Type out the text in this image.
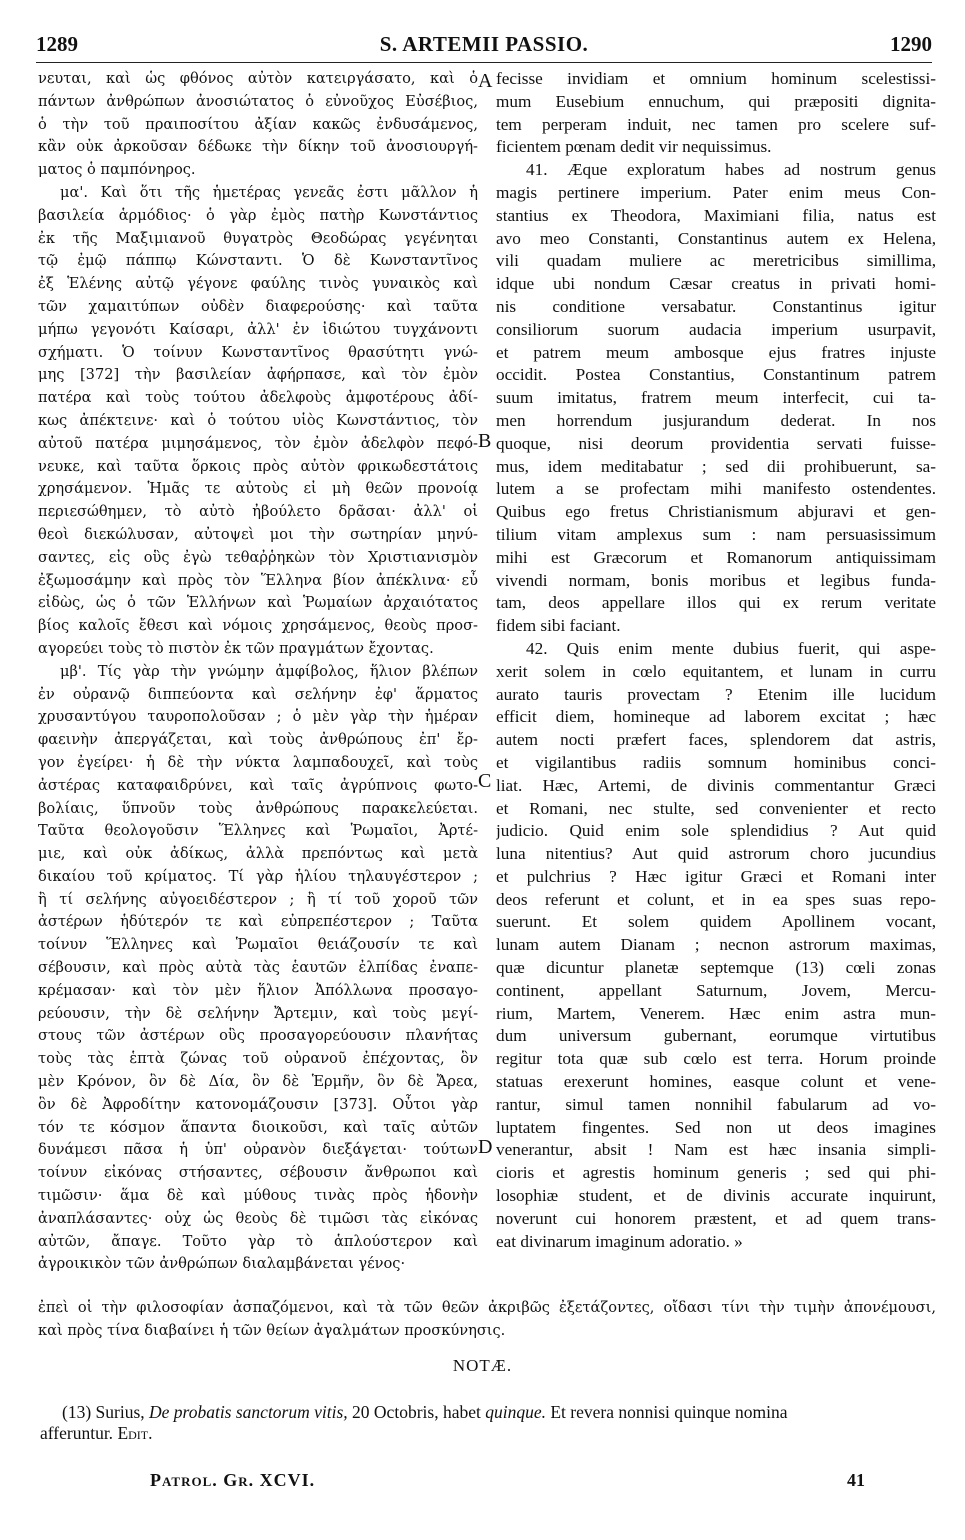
1289	S. ARTEMII PASSIO.	1290
νευται, καὶ ὡς φθόνος αὐτὸν κατειργάσατο, καὶ ὁ
πάντων ἀνθρώπων ἀνοσιώτατος ὁ εὐνοῦχος Εὐσέβιος,
ὁ τὴν τοῦ πραιποσίτου ἀξίαν κακῶς ἐνδυσάμενος,
κἂν οὐκ ἀρκοῦσαν δέδωκε τὴν δίκην τοῦ ἀνοσιουργή-
ματος ὁ παμπόνηρος.
μα'. Καὶ ὅτι τῆς ἡμετέρας γενεᾶς ἐστι μᾶλλον ἡ
βασιλεία ἁρμόδιος· ὁ γὰρ ἐμὸς πατὴρ Κωνστάντιος
ἐκ τῆς Μαξιμιανοῦ θυγατρὸς Θεοδώρας γεγένηται
τῷ ἐμῷ πάππῳ Κώνσταντι. Ὁ δὲ Κωνσταντῖνος
ἐξ Ἑλένης αὐτῷ γέγονε φαύλης τινὸς γυναικὸς καὶ
τῶν χαμαιτύπων οὐδὲν διαφερούσης· καὶ ταῦτα
μήπω γεγονότι Καίσαρι, ἀλλ' ἐν ἰδιώτου τυγχάνοντι
σχήματι. Ὁ τοίνυν Κωνσταντῖνος θρασύτητι γνώ-
μης [372] τὴν βασιλείαν ἀφήρπασε, καὶ τὸν ἐμὸν
πατέρα καὶ τοὺς τούτου ἀδελφοὺς ἀμφοτέρους ἀδί-
κως ἀπέκτεινε· καὶ ὁ τούτου υἱὸς Κωνστάντιος, τὸν
αὐτοῦ πατέρα μιμησάμενος, τὸν ἐμὸν ἀδελφὸν πεφό-
νευκε, καὶ ταῦτα ὅρκοις πρὸς αὐτὸν φρικωδεστάτοις
χρησάμενον. Ἡμᾶς τε αὐτοὺς εἰ μὴ θεῶν προνοίᾳ
περιεσώθημεν, τὸ αὐτὸ ἠβούλετο δρᾶσαι· ἀλλ' οἱ
θεοὶ διεκώλυσαν, αὐτοψεὶ μοι τὴν σωτηρίαν μηνύ-
σαντες, εἰς οὓς ἐγὼ τεθαῤῥηκὼν τὸν Χριστιανισμὸν
ἐξωμοσάμην καὶ πρὸς τὸν Ἕλληνα βίον ἀπέκλινα· εὖ
εἰδὼς, ὡς ὁ τῶν Ἑλλήνων καὶ Ῥωμαίων ἀρχαιότατος
βίος καλοῖς ἔθεσι καὶ νόμοις χρησάμενος, θεοὺς προσ-
αγορεύει τοὺς τὸ πιστὸν ἐκ τῶν πραγμάτων ἔχοντας.
μβ'. Τίς γὰρ τὴν γνώμην ἀμφίβολος, ἥλιον βλέπων
ἐν οὐρανῷ διππεύοντα καὶ σελήνην ἐφ' ἅρματος
χρυσαντύγου ταυροπολοῦσαν ; ὁ μὲν γὰρ τὴν ἡμέραν
φαεινὴν ἀπεργάζεται, καὶ τοὺς ἀνθρώπους ἐπ' ἔρ-
γον ἐγείρει· ἡ δὲ τὴν νύκτα λαμπαδουχεῖ, καὶ τοὺς
ἀστέρας καταφαιδρύνει, καὶ ταῖς ἀγρύπνοις φωτο-
βολίαις, ὕπνοῦν τοὺς ἀνθρώπους παρακελεύεται.
Ταῦτα θεολογοῦσιν Ἕλληνες καὶ Ῥωμαῖοι, Ἀρτέ-
μιε, καὶ οὐκ ἀδίκως, ἀλλὰ πρεπόντως καὶ μετὰ
δικαίου τοῦ κρίματος. Τί γὰρ ἡλίου τηλαυγέστερον ;
ἢ τί σελήνης αὐγοειδέστερον ; ἢ τί τοῦ χοροῦ τῶν
ἀστέρων ἡδύτερόν τε καὶ εὐπρεπέστερον ; Ταῦτα
τοίνυν Ἕλληνες καὶ Ῥωμαῖοι θειάζουσίν τε καὶ
σέβουσιν, καὶ πρὸς αὐτὰ τὰς ἑαυτῶν ἐλπίδας ἐναπε-
κρέμασαν· καὶ τὸν μὲν ἥλιον Ἀπόλλωνα προσαγο-
ρεύουσιν, τὴν δὲ σελήνην Ἄρτεμιν, καὶ τοὺς μεγί-
στους τῶν ἀστέρων οὓς προσαγορεύουσιν πλανήτας
τοὺς τὰς ἑπτὰ ζώνας τοῦ οὐρανοῦ ἐπέχοντας, ὃν
μὲν Κρόνον, ὃν δὲ Δία, ὃν δὲ Ἑρμῆν, ὃν δὲ Ἄρεα,
ὃν δὲ Ἀφροδίτην κατονομάζουσιν [373]. Οὗτοι γὰρ
τόν τε κόσμον ἅπαντα διοικοῦσι, καὶ ταῖς αὐτῶν
δυνάμεσι πᾶσα ἡ ὑπ' οὐρανὸν διεξάγεται· τούτων
τοίνυν εἰκόνας στήσαντες, σέβουσιν ἄνθρωποι καὶ
τιμῶσιν· ἅμα δὲ καὶ μύθους τινὰς πρὸς ἡδονὴν
ἀναπλάσαντες· οὐχ ὡς θεοὺς δὲ τιμῶσι τὰς εἰκόνας
αὐτῶν, ἄπαγε. Τοῦτο γὰρ τὸ ἁπλούστερον καὶ
ἀγροικικὸν τῶν ἀνθρώπων διαλαμβάνεται γένος·
A
B
C
D
fecisse invidiam et omnium hominum scelestissi-
mum Eusebium ennuchum, qui præpositi dignita-
tem perperam induit, nec tamen pro scelere suf-
ficientem pœnam dedit vir nequissimus.
41. Æque exploratum habes ad nostrum genus
magis pertinere imperium. Pater enim meus Con-
stantius ex Theodora, Maximiani filia, natus est
avo meo Constanti, Constantinus autem ex Helena,
vili quadam muliere ac meretricibus simillima,
idque ubi nondum Cæsar creatus in privati homi-
nis conditione versabatur. Constantinus igitur
consiliorum suorum audacia imperium usurpavit,
et patrem meum ambosque ejus fratres injuste
occidit. Postea Constantius, Constantinum patrem
suum imitatus, fratrem meum interfecit, cui ta-
men horrendum jusjurandum dederat. In nos
quoque, nisi deorum providentia servati fuisse-
mus, idem meditabatur ; sed dii prohibuerunt, sa-
lutem a se profectam mihi manifesto ostendentes.
Quibus ego fretus Christianismum abjuravi et gen-
tilium vitam amplexus sum : nam persuasissimum
mihi est Græcorum et Romanorum antiquissimam
vivendi normam, bonis moribus et legibus funda-
tam, deos appellare illos qui ex rerum veritate
fidem sibi faciant.
42. Quis enim mente dubius fuerit, qui aspe-
xerit solem in cœlo equitantem, et lunam in curru
aurato tauris provectam ? Etenim ille lucidum
efficit diem, homineque ad laborem excitat ; hæc
autem nocti præfert faces, splendorem dat astris,
et vigilantibus radiis somnum hominibus conci-
liat. Hæc, Artemi, de divinis commentantur Græci
et Romani, nec stulte, sed convenienter et recto
judicio. Quid enim sole splendidius ? Aut quid
luna nitentius? Aut quid astrorum choro jucundius
et pulchrius ? Hæc igitur Græci et Romani inter
deos referunt et colunt, et in ea spes suas repo-
suerunt. Et solem quidem Apollinem vocant,
lunam autem Dianam ; necnon astrorum maximas,
quæ dicuntur planetæ septemque (13) cœli zonas
continent, appellant Saturnum, Jovem, Mercu-
rium, Martem, Venerem. Hæc enim astra mun-
dum universum gubernant, eorumque virtutibus
regitur tota quæ sub cœlo est terra. Horum proinde
statuas erexerunt homines, easque colunt et vene-
rantur, simul tamen nonnihil fabularum ad vo-
luptatem fingentes. Sed non ut deos imagines
venerantur, absit ! Nam est hæc insania simpli-
cioris et agrestis hominum generis ; sed qui phi-
losophiæ student, et de divinis accurate inquirunt,
noverunt cui honorem præstent, et ad quem trans-
eat divinarum imaginum adoratio. »
ἐπεὶ οἱ τὴν φιλοσοφίαν ἀσπαζόμενοι, καὶ τὰ τῶν θεῶν ἀκριβῶς ἐξετάζοντες, οἴδασι τίνι τὴν τιμὴν ἀπονέμουσι,
καὶ πρὸς τίνα διαβαίνει ἡ τῶν θείων ἀγαλμάτων προσκύνησις.
NOTÆ.
(13) Surius, De probatis sanctorum vitis, 20 Octobris, habet quinque. Et revera nonnisi quinque nomina
afferuntur. Edit.
Patrol. Gr. XCVI.	41
